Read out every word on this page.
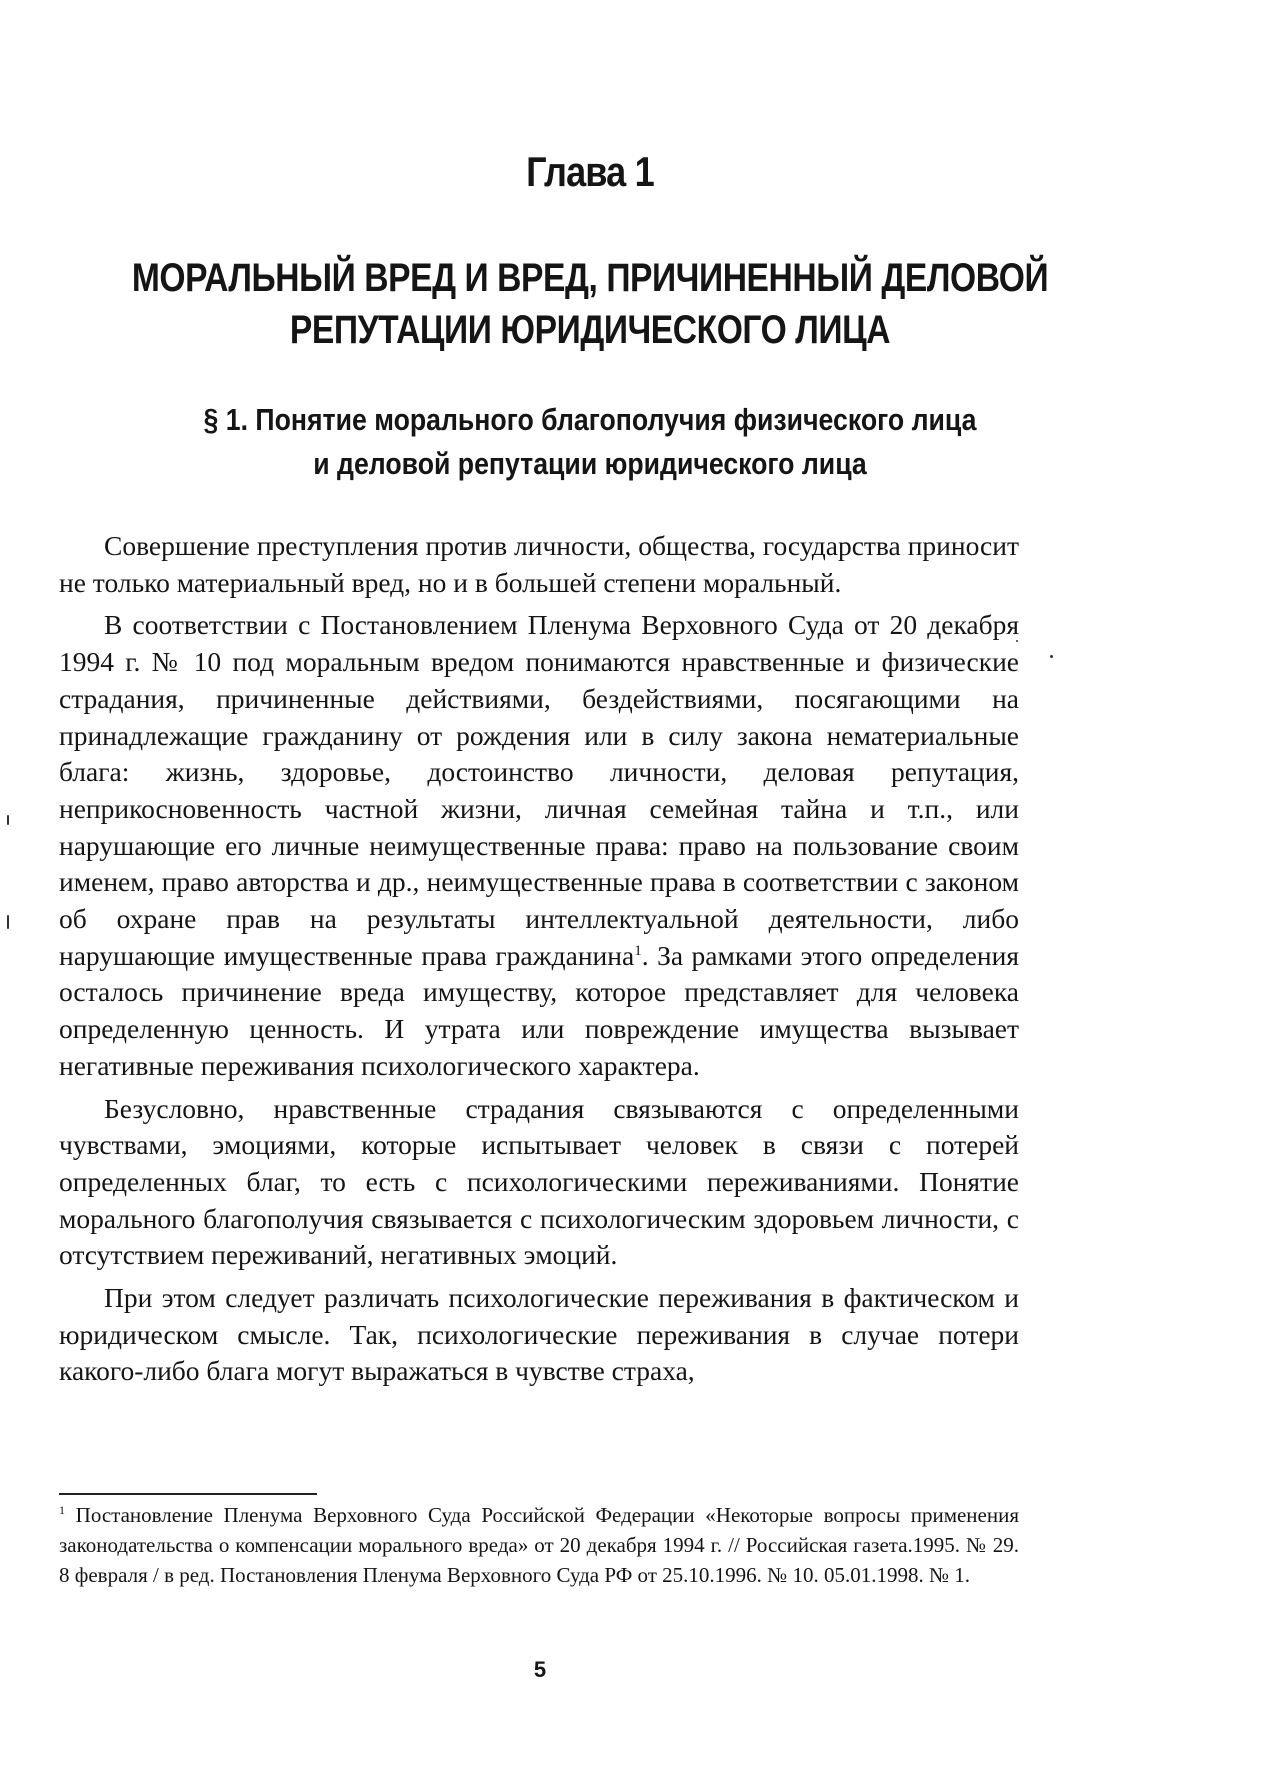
Глава 1
МОРАЛЬНЫЙ ВРЕД И ВРЕД, ПРИЧИНЕННЫЙ ДЕЛОВОЙ
РЕПУТАЦИИ ЮРИДИЧЕСКОГО ЛИЦА
§ 1. Понятие морального благополучия физического лица
и деловой репутации юридического лица

Совершение преступления против личности, общества, государства приносит не только материальный вред, но и в большей степени моральный.

В соответствии с Постановлением Пленума Верховного Суда от 20 декабря 1994 г. № 10 под моральным вредом понимаются нравственные и физические страдания, причиненные действиями, бездействиями, посягающими на принадлежащие гражданину от рождения или в силу закона нематериальные блага: жизнь, здоровье, достоинство личности, деловая репутация, неприкосновенность частной жизни, личная семейная тайна и т.п., или нарушающие его личные неимущественные права: право на пользование своим именем, право авторства и др., неимущественные права в соответствии с законом об охране прав на результаты интеллектуальной деятельности, либо нарушающие имущественные права гражданина$^1$. За рамками этого определения осталось причинение вреда имуществу, которое представляет для человека определенную ценность. И утрата или повреждение имущества вызывает негативные переживания психологического характера.

Безусловно, нравственные страдания связываются с определенными чувствами, эмоциями, которые испытывает человек в связи с потерей определенных благ, то есть с психологическими переживаниями. Понятие морального благополучия связывается с психологическим здоровьем личности, с отсутствием переживаний, негативных эмоций.

При этом следует различать психологические переживания в фактическом и юридическом смысле. Так, психологические переживания в случае потери какого-либо блага могут выражаться в чувстве страха,

$^1$ Постановление Пленума Верховного Суда Российской Федерации «Некоторые вопросы применения законодательства о компенсации морального вреда» от 20 декабря 1994 г. // Российская газета.1995. № 29. 8 февраля / в ред. Постановления Пленума Верховного Суда РФ от 25.10.1996. № 10. 05.01.1998. № 1.
5
